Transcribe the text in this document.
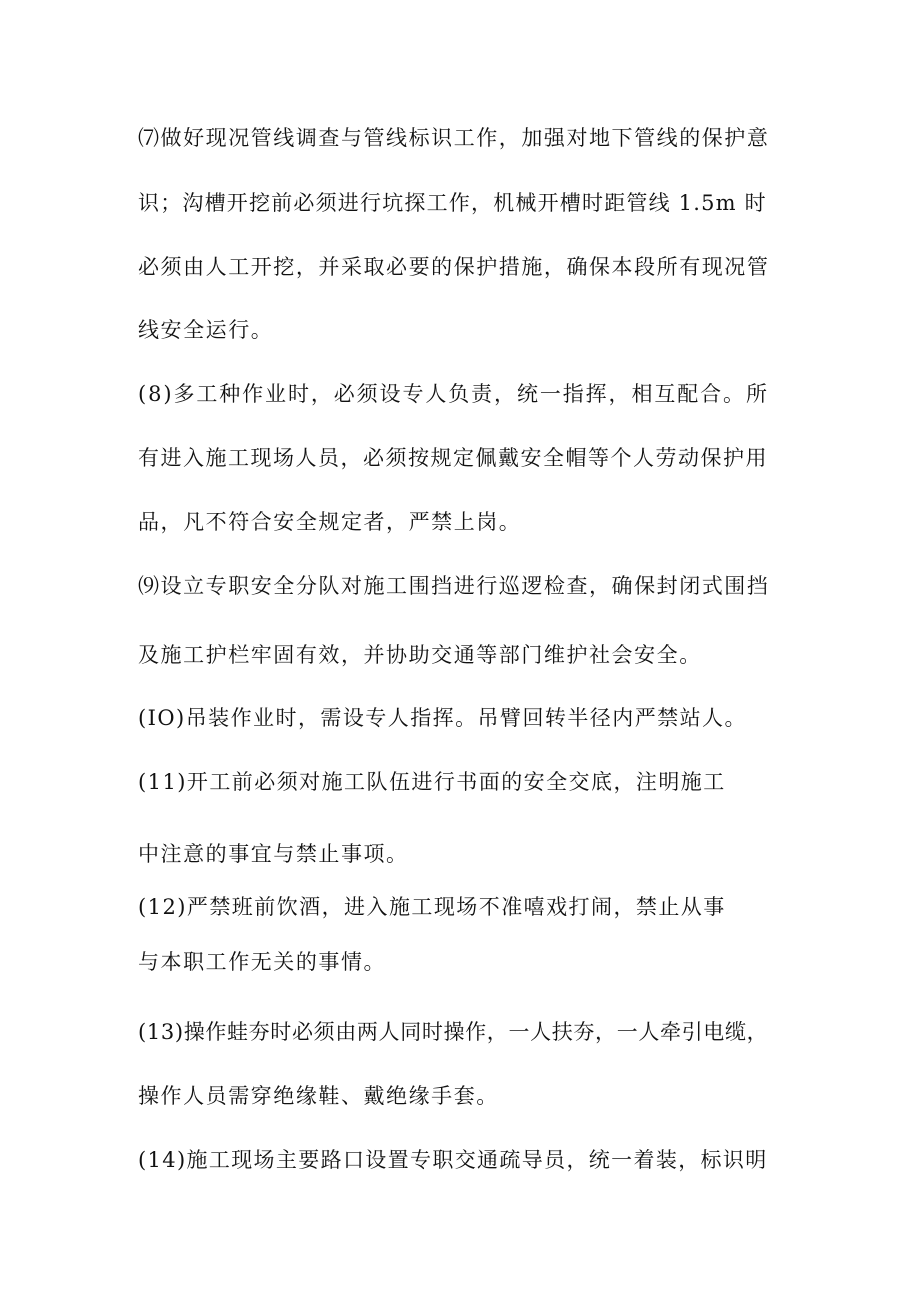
⑺做好现况管线调查与管线标识工作，加强对地下管线的保护意
识；沟槽开挖前必须进行坑探工作，机械开槽时距管线 1.5m 时
必须由人工开挖，并采取必要的保护措施，确保本段所有现况管
线安全运行。
(8)多工种作业时，必须设专人负责，统一指挥，相互配合。所
有进入施工现场人员，必须按规定佩戴安全帽等个人劳动保护用
品，凡不符合安全规定者，严禁上岗。
⑼设立专职安全分队对施工围挡进行巡逻检查，确保封闭式围挡
及施工护栏牢固有效，并协助交通等部门维护社会安全。
(IO)吊装作业时，需设专人指挥。吊臂回转半径内严禁站人。
(11)开工前必须对施工队伍进行书面的安全交底，注明施工
中注意的事宜与禁止事项。
(12)严禁班前饮酒，进入施工现场不准嘻戏打闹，禁止从事
与本职工作无关的事情。
(13)操作蛙夯时必须由两人同时操作，一人扶夯，一人牵引电缆，
操作人员需穿绝缘鞋、戴绝缘手套。
(14)施工现场主要路口设置专职交通疏导员，统一着装，标识明
